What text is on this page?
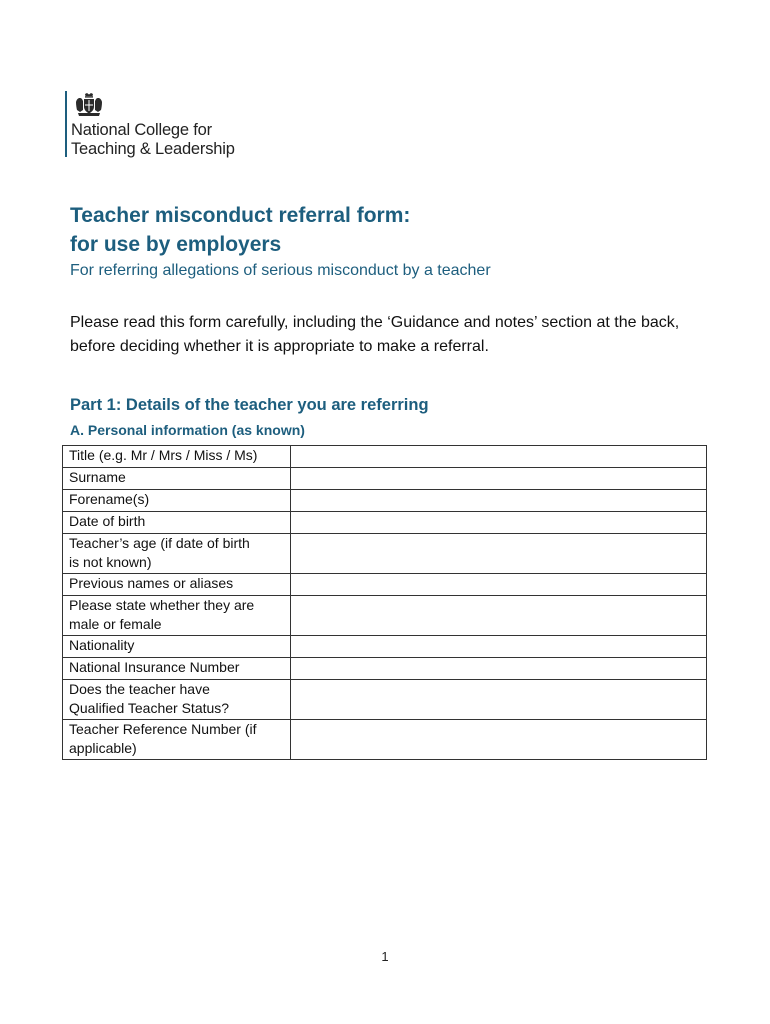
National College for
Teaching & Leadership
Teacher misconduct referral form:
for use by employers

For referring allegations of serious misconduct by a teacher

Please read this form carefully, including the ‘Guidance and notes’ section at the back, before deciding whether it is appropriate to make a referral.

Part 1: Details of the teacher you are referring
A. Personal information (as known)
Title (e.g. Mr / Mrs / Miss / Ms)	

Surname	

Forename(s)	

Date of birth	

Teacher’s age (if date of birth
is not known)	

Previous names or aliases	

Please state whether they are
male or female	

Nationality	

National Insurance Number	

Does the teacher have
Qualified Teacher Status?	

Teacher Reference Number (if
applicable)	

1
